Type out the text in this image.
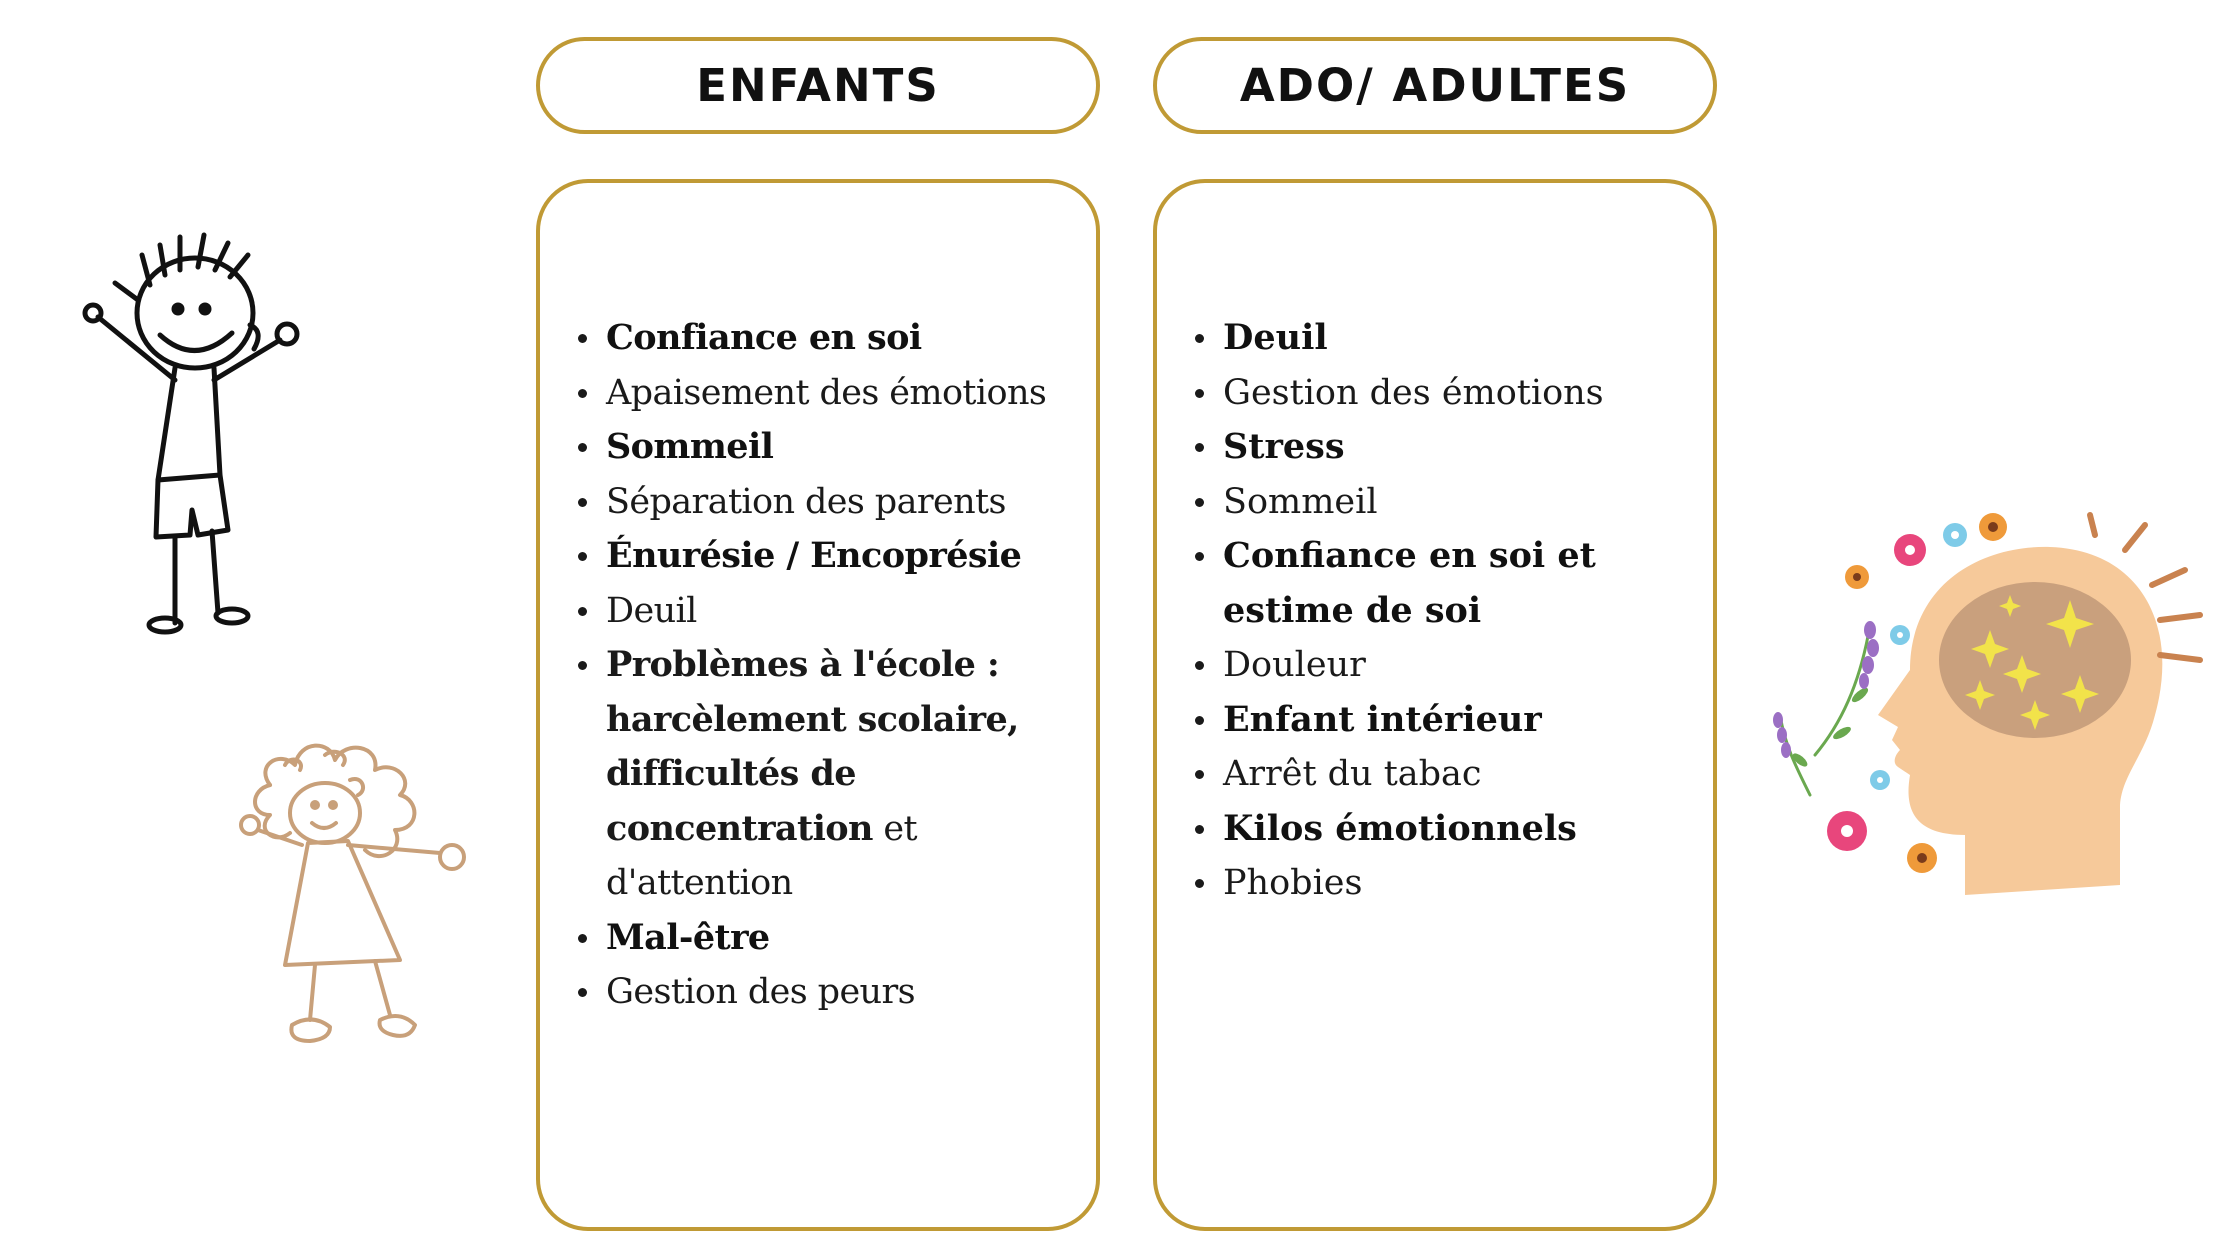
ENFANTS	ADO/ ADULTES
Confiance en soi
Apaisement des émotions
Sommeil
Séparation des parents
Énurésie / Encoprésie
Deuil
Problèmes à l'école : harcèlement scolaire, difficultés de concentration et d'attention
Mal-être
Gestion des peurs
Deuil
Gestion des émotions
Stress
Sommeil
Confiance en soi et estime de soi
Douleur
Enfant intérieur
Arrêt du tabac
Kilos émotionnels
Phobies
